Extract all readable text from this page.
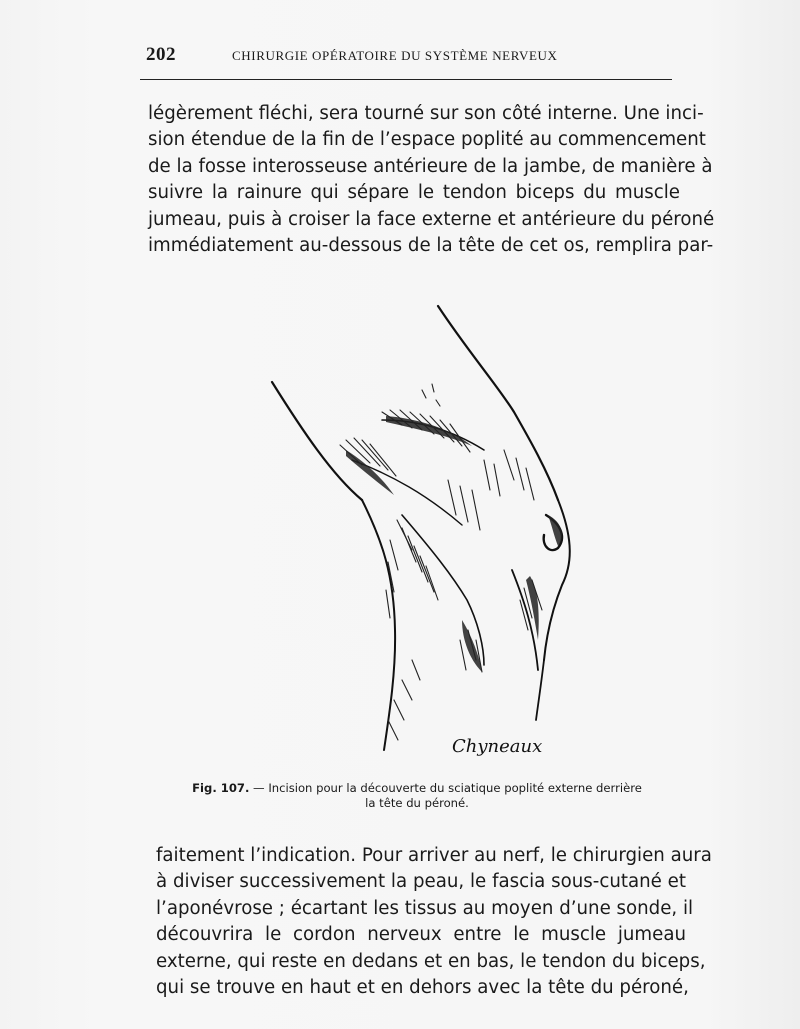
202	CHIRURGIE OPÉRATOIRE DU SYSTÈME NERVEUX
légèrement fléchi, sera tourné sur son côté interne. Une inci-
sion étendue de la fin de l’espace poplité au commencement
de la fosse interosseuse antérieure de la jambe, de manière à
suivre la rainure qui sépare le tendon biceps du muscle
jumeau, puis à croiser la face externe et antérieure du péroné
immédiatement au-dessous de la tête de cet os, remplira par-
Chyneaux
Fig. 107. — Incision pour la découverte du sciatique poplité externe derrière
la tête du péroné.
faitement l’indication. Pour arriver au nerf, le chirurgien aura
à diviser successivement la peau, le fascia sous-cutané et
l’aponévrose ; écartant les tissus au moyen d’une sonde, il
découvrira le cordon nerveux entre le muscle jumeau
externe, qui reste en dedans et en bas, le tendon du biceps,
qui se trouve en haut et en dehors avec la tête du péroné,
